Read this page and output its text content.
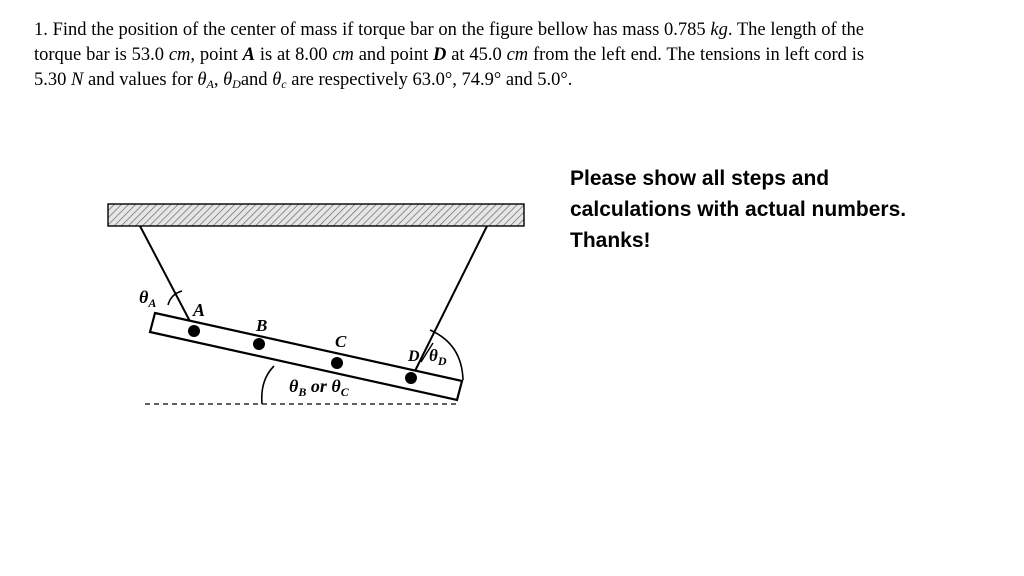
1. Find the position of the center of mass if torque bar on the figure bellow has mass 0.785 kg. The length of the torque bar is 53.0 cm, point A is at 8.00 cm and point D at 45.0 cm from the left end. The tensions in left cord is 5.30 N and values for $\theta_A$, $\theta_Dand$ $\theta_c$ are respectively 63.0°, 74.9° and 5.0°.
Please show all steps and
calculations with actual numbers.
Thanks!
$\theta_A$ A
B
C
D $\theta_D$
$\theta_B$ or $\theta_C$
